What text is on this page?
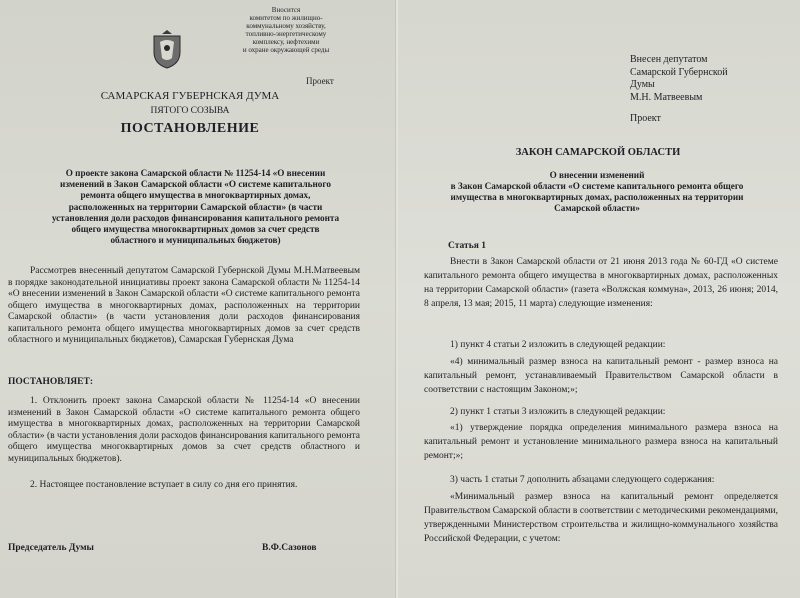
Вносится

комитетом по жилищно-

коммунальному хозяйству,

топливно-энергетическому

комплексу, нефтехими

и охране окружающей среды

Проект
САМАРСКАЯ ГУБЕРНСКАЯ ДУМА
ПЯТОГО СОЗЫВА
ПОСТАНОВЛЕНИЕ

О проекте закона Самарской области № 11254-14 «О внесении

изменений в Закон Самарской области «О системе капитального

ремонта общего имущества в многоквартирных домах,

расположенных на территории Самарской области» (в части

установления доли расходов финансирования капитального ремонта

общего имущества многоквартирных домов за счет средств

областного и муниципальных бюджетов)

Рассмотрев внесенный депутатом Самарской Губернской Думы М.Н.Матвеевым в порядке законодательной инициативы проект закона Самарской области № 11254-14 «О внесении изменений в Закон Самарской области «О системе капитального ремонта общего имущества в многоквартирных домах, расположенных на территории Самарской области» (в части установления доли расходов финансирования капитального ремонта общего имущества многоквартирных домов за счет средств областного и муниципальных бюджетов), Самарская Губернская Дума
ПОСТАНОВЛЯЕТ:
1. Отклонить проект закона Самарской области № 11254-14 «О внесении изменений в Закон Самарской области «О системе капитального ремонта общего имущества в многоквартирных домах, расположенных на территории Самарской области» (в части установления доли расходов финансирования капитального ремонта общего имущества многоквартирных домов за счет средств областного и муниципальных бюджетов).
2. Настоящее постановление вступает в силу со дня его принятия.
Председатель Думы	В.Ф.Сазонов

Внесен депутатом

Самарской Губернской

Думы

М.Н. Матвеевым

Проект
ЗАКОН САМАРСКОЙ ОБЛАСТИ

О внесении изменений

в Закон Самарской области «О системе капитального ремонта общего

имущества в многоквартирных домах, расположенных на территории

Самарской области»

Статья 1
Внести в Закон Самарской области от 21 июня 2013 года № 60-ГД «О системе капитального ремонта общего имущества в многоквартирных домах, расположенных на территории Самарской области» (газета «Волжская коммуна», 2013, 26 июня; 2014, 8 апреля, 13 мая; 2015, 11 марта) следующие изменения:
1) пункт 4 статьи 2 изложить в следующей редакции:
«4) минимальный размер взноса на капитальный ремонт - размер взноса на капитальный ремонт, устанавливаемый Правительством Самарской области в соответствии с настоящим Законом;»;
2) пункт 1 статьи 3 изложить в следующей редакции:
«1) утверждение порядка определения минимального размера взноса на капитальный ремонт и установление минимального размера взноса на капитальный ремонт;»;
3) часть 1 статьи 7 дополнить абзацами следующего содержания:
«Минимальный размер взноса на капитальный ремонт определяется Правительством Самарской области в соответствии с методическими рекомендациями, утвержденными Министерством строительства и жилищно-коммунального хозяйства Российской Федерации, с учетом:
